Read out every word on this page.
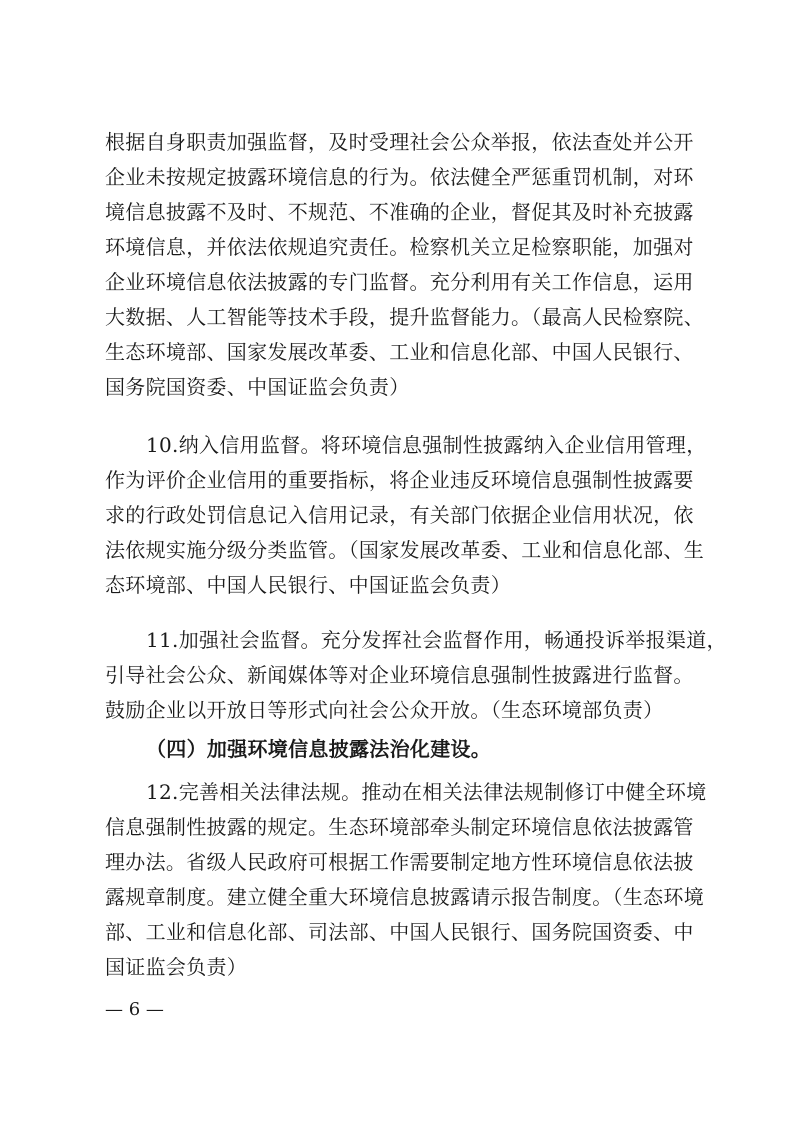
根据自身职责加强监督，及时受理社会公众举报，依法查处并公开
企业未按规定披露环境信息的行为。依法健全严惩重罚机制，对环
境信息披露不及时、不规范、不准确的企业，督促其及时补充披露
环境信息，并依法依规追究责任。检察机关立足检察职能，加强对
企业环境信息依法披露的专门监督。充分利用有关工作信息，运用
大数据、人工智能等技术手段，提升监督能力。（最高人民检察院、
生态环境部、国家发展改革委、工业和信息化部、中国人民银行、
国务院国资委、中国证监会负责）
10.纳入信用监督。将环境信息强制性披露纳入企业信用管理，
作为评价企业信用的重要指标，将企业违反环境信息强制性披露要
求的行政处罚信息记入信用记录，有关部门依据企业信用状况，依
法依规实施分级分类监管。（国家发展改革委、工业和信息化部、生
态环境部、中国人民银行、中国证监会负责）
11.加强社会监督。充分发挥社会监督作用，畅通投诉举报渠道，
引导社会公众、新闻媒体等对企业环境信息强制性披露进行监督。
鼓励企业以开放日等形式向社会公众开放。（生态环境部负责）
（四）加强环境信息披露法治化建设。
12.完善相关法律法规。推动在相关法律法规制修订中健全环境
信息强制性披露的规定。生态环境部牵头制定环境信息依法披露管
理办法。省级人民政府可根据工作需要制定地方性环境信息依法披
露规章制度。建立健全重大环境信息披露请示报告制度。（生态环境
部、工业和信息化部、司法部、中国人民银行、国务院国资委、中
国证监会负责）
— 6 —
